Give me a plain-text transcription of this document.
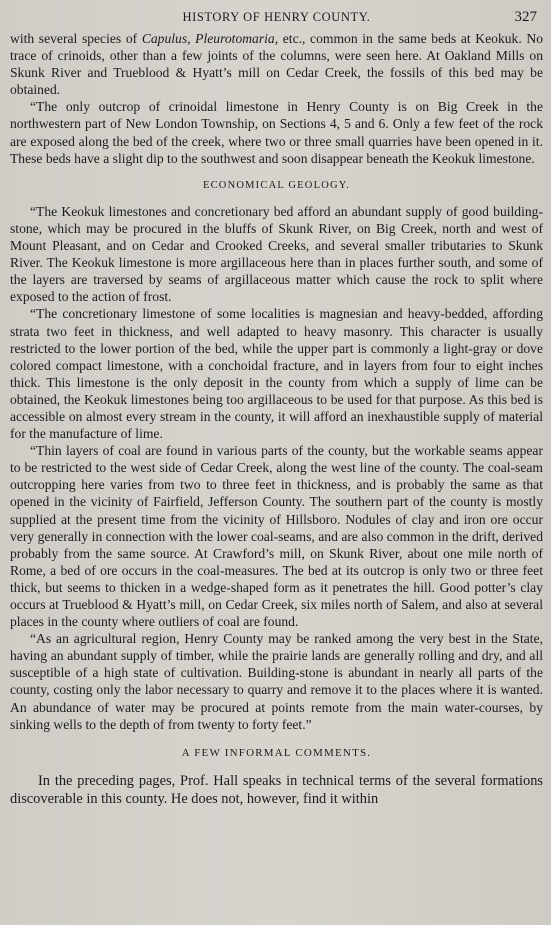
HISTORY OF HENRY COUNTY.	327

with several species of Capulus, Pleurotomaria, etc., common in the same beds at Keokuk. No trace of crinoids, other than a few joints of the columns, were seen here. At Oakland Mills on Skunk River and Trueblood & Hyatt’s mill on Cedar Creek, the fossils of this bed may be obtained.

“The only outcrop of crinoidal limestone in Henry County is on Big Creek in the northwestern part of New London Township, on Sections 4, 5 and 6. Only a few feet of the rock are exposed along the bed of the creek, where two or three small quarries have been opened in it. These beds have a slight dip to the southwest and soon disappear beneath the Keokuk limestone.

ECONOMICAL GEOLOGY.

“The Keokuk limestones and concretionary bed afford an abundant supply of good building-stone, which may be procured in the bluffs of Skunk River, on Big Creek, north and west of Mount Pleasant, and on Cedar and Crooked Creeks, and several smaller tributaries to Skunk River. The Keokuk limestone is more argillaceous here than in places further south, and some of the layers are traversed by seams of argillaceous matter which cause the rock to split where exposed to the action of frost.

“The concretionary limestone of some localities is magnesian and heavy-bedded, affording strata two feet in thickness, and well adapted to heavy masonry. This character is usually restricted to the lower portion of the bed, while the upper part is commonly a light-gray or dove colored compact limestone, with a conchoidal fracture, and in layers from four to eight inches thick. This limestone is the only deposit in the county from which a supply of lime can be obtained, the Keokuk limestones being too argillaceous to be used for that purpose. As this bed is accessible on almost every stream in the county, it will afford an inexhaustible supply of material for the manufacture of lime.

“Thin layers of coal are found in various parts of the county, but the workable seams appear to be restricted to the west side of Cedar Creek, along the west line of the county. The coal-seam outcropping here varies from two to three feet in thickness, and is probably the same as that opened in the vicinity of Fairfield, Jefferson County. The southern part of the county is mostly supplied at the present time from the vicinity of Hillsboro. Nodules of clay and iron ore occur very generally in connection with the lower coal-seams, and are also common in the drift, derived probably from the same source. At Crawford’s mill, on Skunk River, about one mile north of Rome, a bed of ore occurs in the coal-measures. The bed at its outcrop is only two or three feet thick, but seems to thicken in a wedge-shaped form as it penetrates the hill. Good potter’s clay occurs at Trueblood & Hyatt’s mill, on Cedar Creek, six miles north of Salem, and also at several places in the county where outliers of coal are found.

“As an agricultural region, Henry County may be ranked among the very best in the State, having an abundant supply of timber, while the prairie lands are generally rolling and dry, and all susceptible of a high state of cultivation. Building-stone is abundant in nearly all parts of the county, costing only the labor necessary to quarry and remove it to the places where it is wanted. An abundance of water may be procured at points remote from the main water-courses, by sinking wells to the depth of from twenty to forty feet.”

A FEW INFORMAL COMMENTS.

In the preceding pages, Prof. Hall speaks in technical terms of the several formations discoverable in this county. He does not, however, find it within
